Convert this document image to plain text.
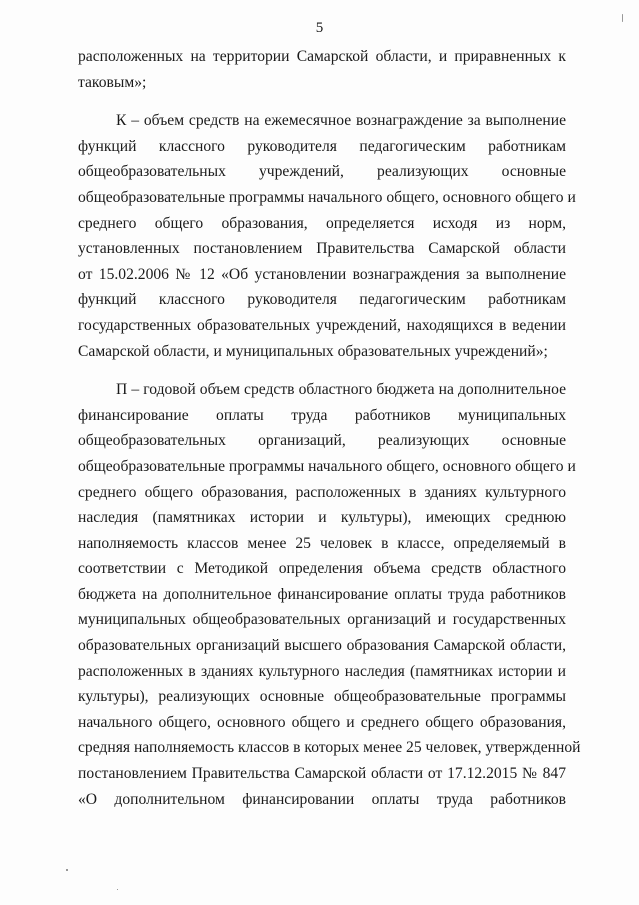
5

расположенных на территории Самарской области, и приравненных к
таковым»;

К – объем средств на ежемесячное вознаграждение за выполнение
функций классного руководителя педагогическим работникам
общеобразовательных учреждений, реализующих основные
общеобразовательные программы начального общего, основного общего и
среднего общего образования, определяется исходя из норм,
установленных постановлением Правительства Самарской области
от 15.02.2006 № 12 «Об установлении вознаграждения за выполнение
функций классного руководителя педагогическим работникам
государственных образовательных учреждений, находящихся в ведении
Самарской области, и муниципальных образовательных учреждений»;

П – годовой объем средств областного бюджета на дополнительное
финансирование оплаты труда работников муниципальных
общеобразовательных организаций, реализующих основные
общеобразовательные программы начального общего, основного общего и
среднего общего образования, расположенных в зданиях культурного
наследия (памятниках истории и культуры), имеющих среднюю
наполняемость классов менее 25 человек в классе, определяемый в
соответствии с Методикой определения объема средств областного
бюджета на дополнительное финансирование оплаты труда работников
муниципальных общеобразовательных организаций и государственных
образовательных организаций высшего образования Самарской области,
расположенных в зданиях культурного наследия (памятниках истории и
культуры), реализующих основные общеобразовательные программы
начального общего, основного общего и среднего общего образования,
средняя наполняемость классов в которых менее 25 человек, утвержденной
постановлением Правительства Самарской области от 17.12.2015 № 847
«О дополнительном финансировании оплаты труда работников
